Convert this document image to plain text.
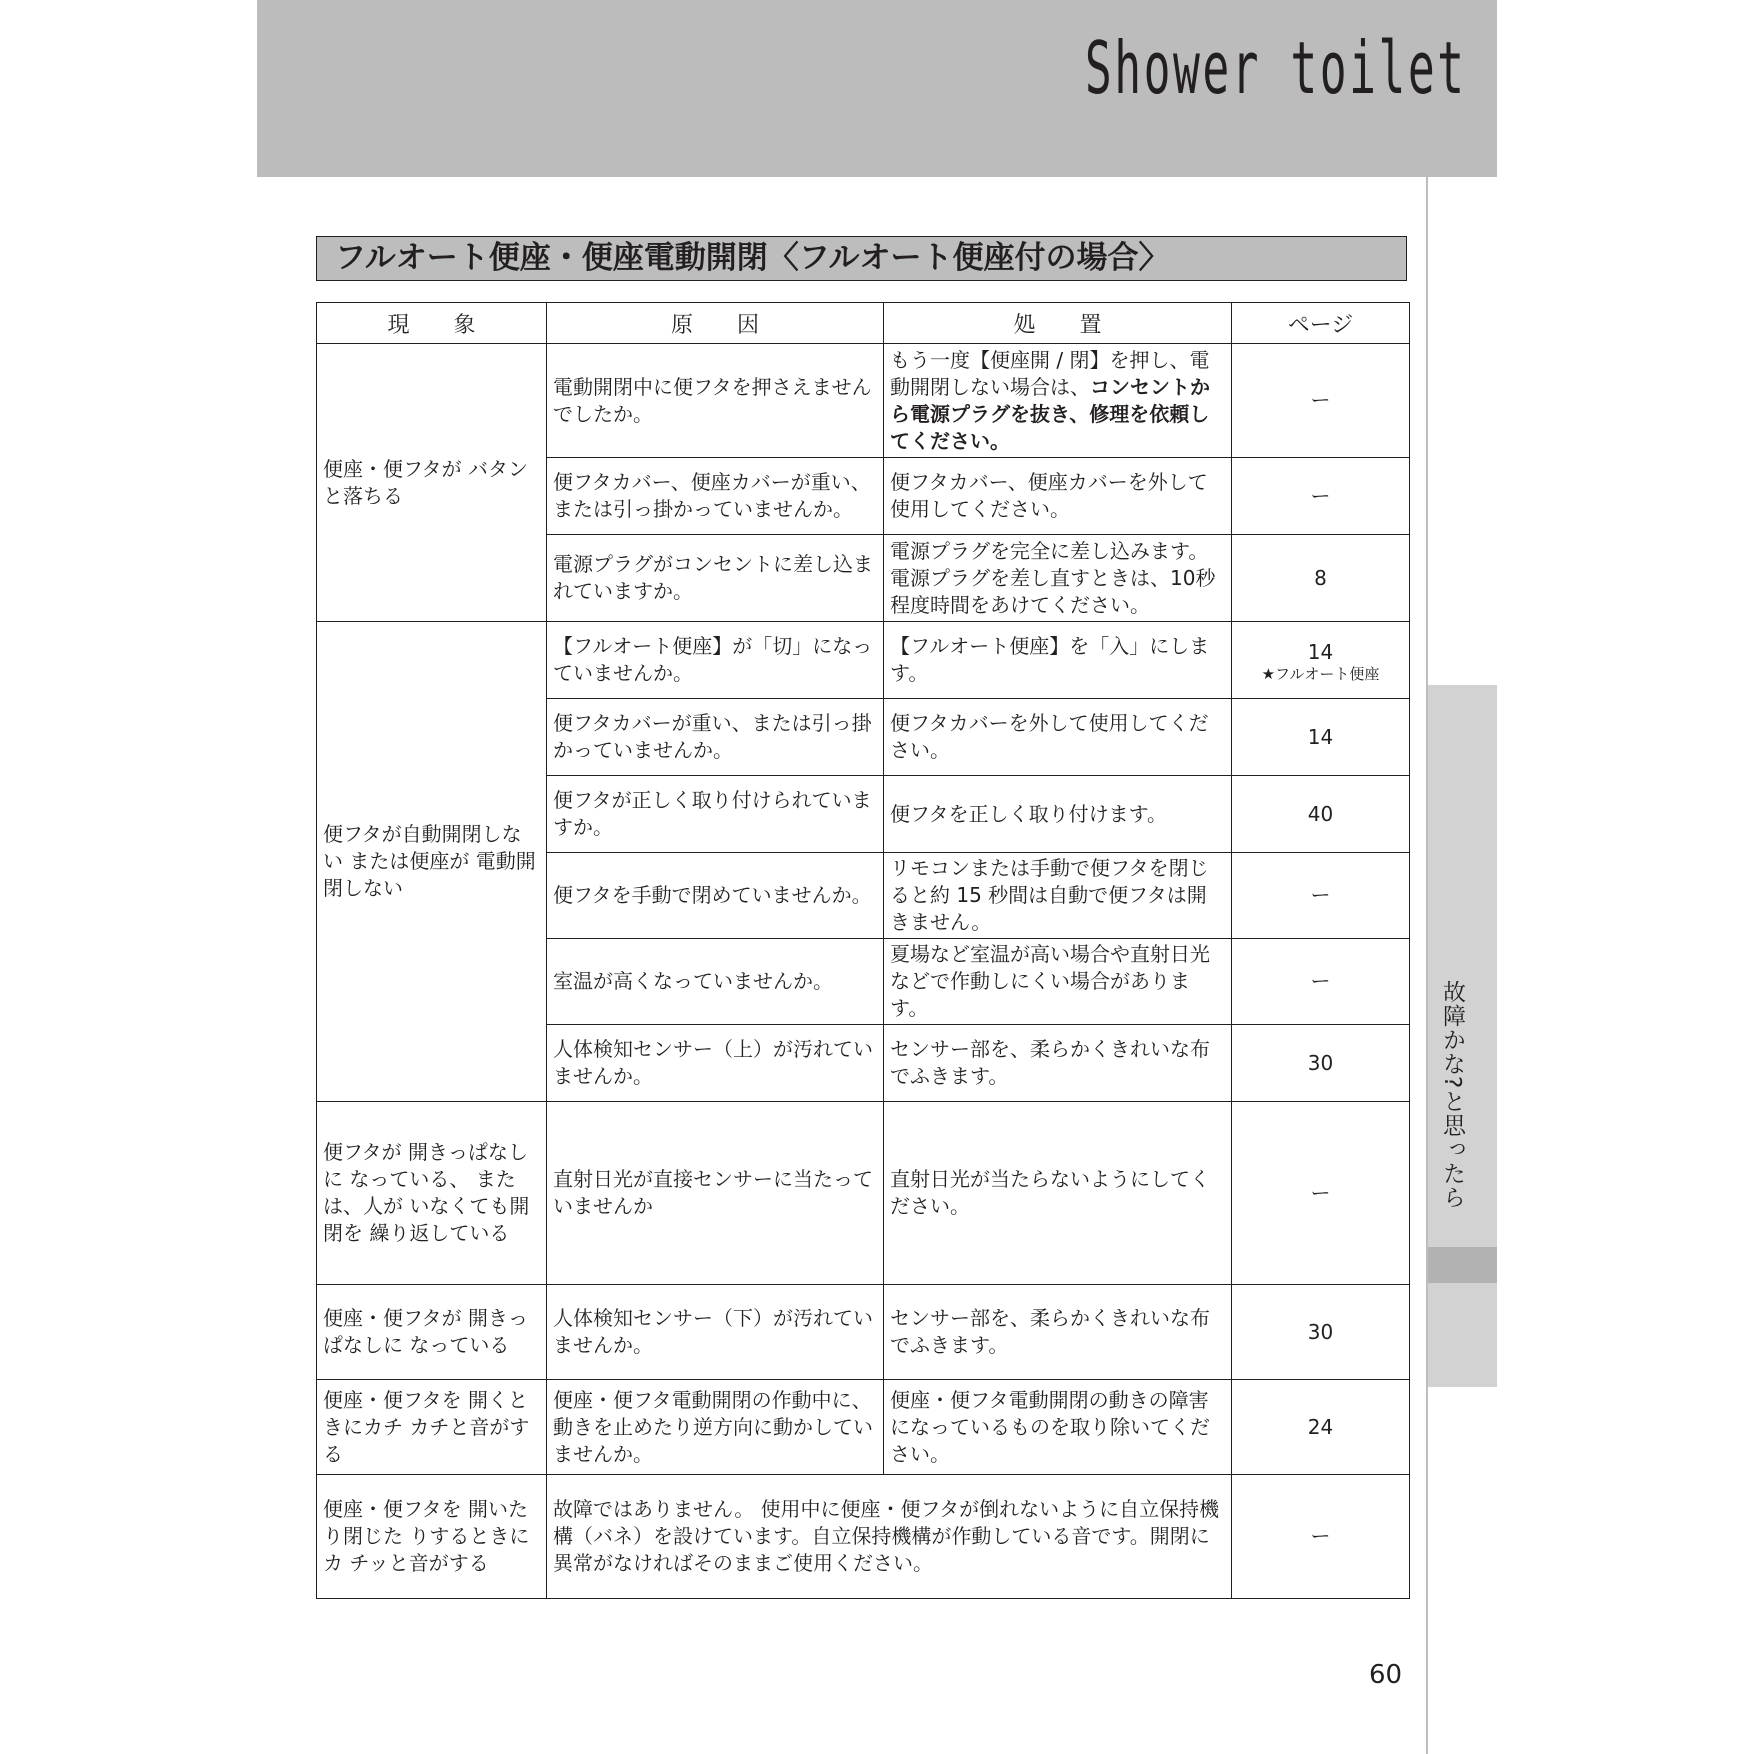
Shower toilet
故障かな?と思ったら
フルオート便座・便座電動開閉〈フルオート便座付の場合〉
現　　象	原　　因	処　　置	ページ
便座・便フタが バタンと落ちる	電動開閉中に便フタを押さえませんでしたか。	もう一度【便座開 / 閉】を押し、電動開閉しない場合は、コンセントから電源プラグを抜き、修理を依頼してください。	ー
	便フタカバー、便座カバーが重い、または引っ掛かっていませんか。	便フタカバー、便座カバーを外して使用してください。	ー
	電源プラグがコンセントに差し込まれていますか。	電源プラグを完全に差し込みます。電源プラグを差し直すときは、10秒程度時間をあけてください。	8
便フタが自動開閉しない または便座が 電動開閉しない	【フルオート便座】が「切」になっていませんか。	【フルオート便座】を「入」にします。	14
★フルオート便座

	便フタカバーが重い、または引っ掛かっていませんか。	便フタカバーを外して使用してください。	14
	便フタが正しく取り付けられていますか。	便フタを正しく取り付けます。	40
	便フタを手動で閉めていませんか。	リモコンまたは手動で便フタを閉じると約 15 秒間は自動で便フタは開きません。	ー
	室温が高くなっていませんか。	夏場など室温が高い場合や直射日光などで作動しにくい場合があります。	ー
	人体検知センサー（上）が汚れていませんか。	センサー部を、柔らかくきれいな布でふきます。	30
便フタが 開きっぱなしに なっている、 または、人が いなくても開閉を 繰り返している	直射日光が直接センサーに当たっていませんか	直射日光が当たらないようにしてください。	ー
便座・便フタが 開きっぱなしに なっている	人体検知センサー（下）が汚れていませんか。	センサー部を、柔らかくきれいな布でふきます。	30
便座・便フタを 開くときにカチ カチと音がする	便座・便フタ電動開閉の作動中に、動きを止めたり逆方向に動かしていませんか。	便座・便フタ電動開閉の動きの障害になっているものを取り除いてください。	24
便座・便フタを 開いたり閉じた りするときにカ チッと音がする	故障ではありません。 使用中に便座・便フタが倒れないように自立保持機構（バネ）を設けています。自立保持機構が作動している音です。開閉に異常がなければそのままご使用ください。		ー
60
